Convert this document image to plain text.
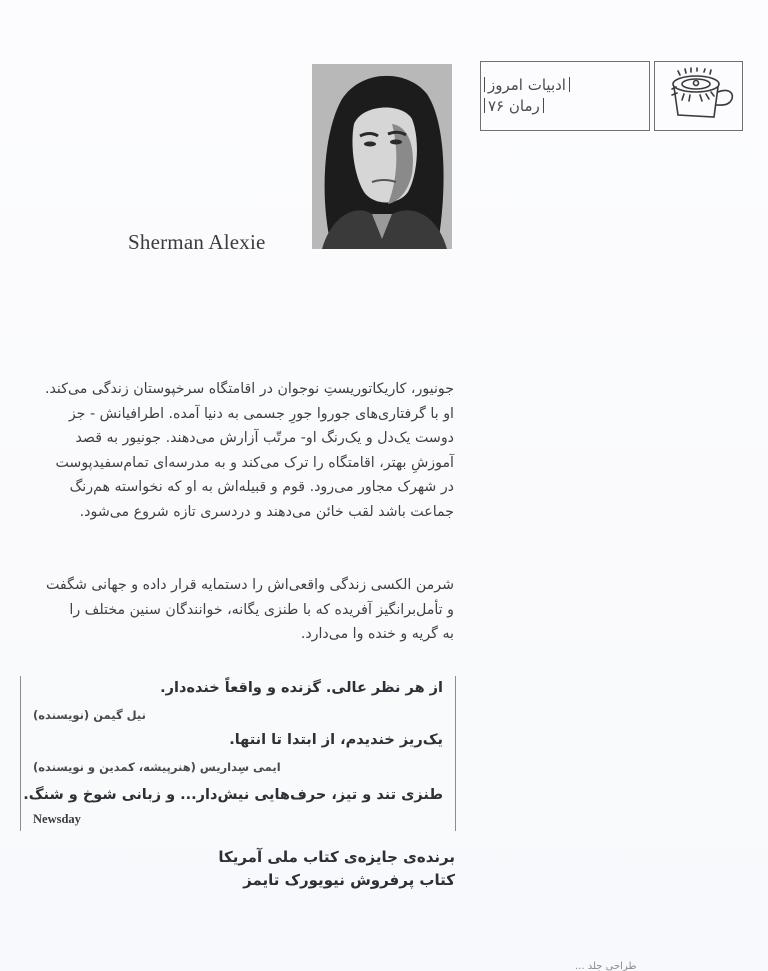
ادبیات امروز
رمان ۷۶
Sherman Alexie
جونیور، کاریکاتوریستِ نوجوان در اقامتگاه سرخپوستان زندگی می‌کند.
او با گرفتاری‌های جوروا جورِ جسمی به دنیا آمده. اطرافیانش - جز
دوست یک‌دل و یک‌رنگ او- مرتّب آزارش می‌دهند. جونیور به قصد
آموزشِ بهتر، اقامتگاه را ترک می‌کند و به مدرسه‌ای تمام‌سفیدپوست
در شهرک مجاور می‌رود. قوم و قبیله‌اش به او که نخواسته هم‌رنگ
جماعت باشد لقب خائن می‌دهند و دردسری تازه شروع می‌شود.
شرمن الکسی زندگی واقعی‌اش را دستمایه قرار داده و جهانی شگفت
و تأمل‌برانگیز آفریده که با طنزی یگانه، خوانندگان سنین مختلف را
به گریه و خنده وا می‌دارد.
از هر نظر عالی. گزنده و واقعاً خنده‌دار.
نیل گیمن (نویسنده)
یک‌ریز خندیدم، از ابتدا تا انتها.
ایمی سِداریس (هنرپیشه، کمدین و نویسنده)
طنزی تند و تیز، حرف‌هایی نیش‌دار... و زبانی شوخ و شنگ.
Newsday
برنده‌ی جایزه‌ی کتاب ملی آمریکا
کتاب پرفروش نیویورک تایمز
طراحی جلد ...
